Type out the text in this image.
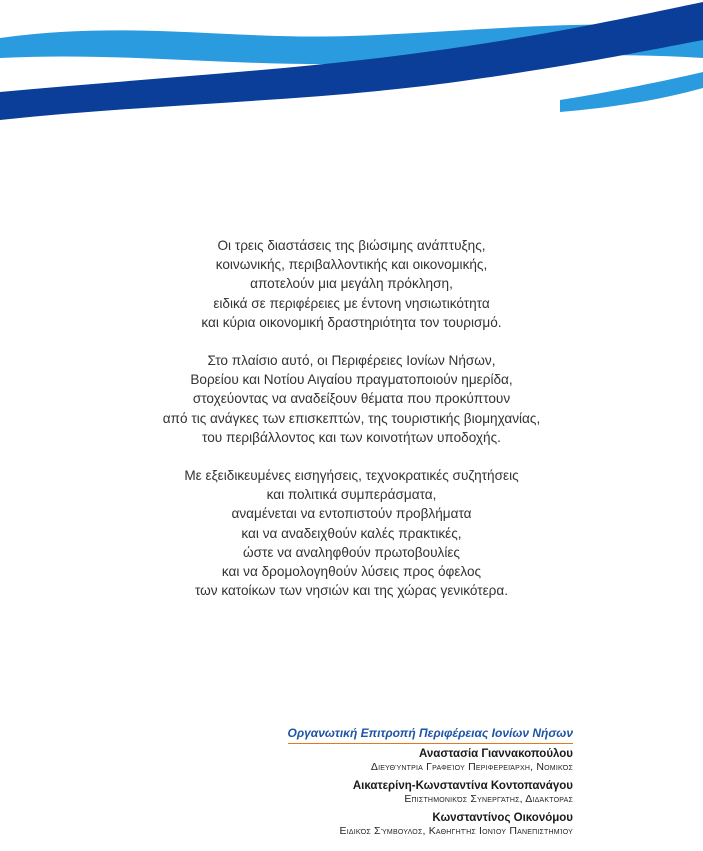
Οι τρεις διαστάσεις της βιώσιμης ανάπτυξης,
κοινωνικής, περιβαλλοντικής και οικονομικής,
αποτελούν μια μεγάλη πρόκληση,
ειδικά σε περιφέρειες με έντονη νησιωτικότητα
και κύρια οικονομική δραστηριότητα τον τουρισμό.

Στο πλαίσιο αυτό, οι Περιφέρειες Ιονίων Νήσων,
Βορείου και Νοτίου Αιγαίου πραγματοποιούν ημερίδα,
στοχεύοντας να αναδείξουν θέματα που προκύπτουν
από τις ανάγκες των επισκεπτών, της τουριστικής βιομηχανίας,
του περιβάλλοντος και των κοινοτήτων υποδοχής.

Με εξειδικευμένες εισηγήσεις, τεχνοκρατικές συζητήσεις
και πολιτικά συμπεράσματα,
αναμένεται να εντοπιστούν προβλήματα
και να αναδειχθούν καλές πρακτικές,
ώστε να αναληφθούν πρωτοβουλίες
και να δρομολογηθούν λύσεις προς όφελος
των κατοίκων των νησιών και της χώρας γενικότερα.

Οργανωτική Επιτροπή Περιφέρειας Ιονίων Νήσων
Αναστασία Γιαννακοπούλου
Διευθύντρια Γραφείου Περιφερειάρχη, Νομικός
Αικατερίνη-Κωνσταντίνα Κοντοπανάγου
Επιστημονικός Συνεργάτης, Διδάκτορας
Κωνσταντίνος Οικονόμου
Ειδικός Σύμβουλος, Καθηγητής Ιονίου Πανεπιστημίου
